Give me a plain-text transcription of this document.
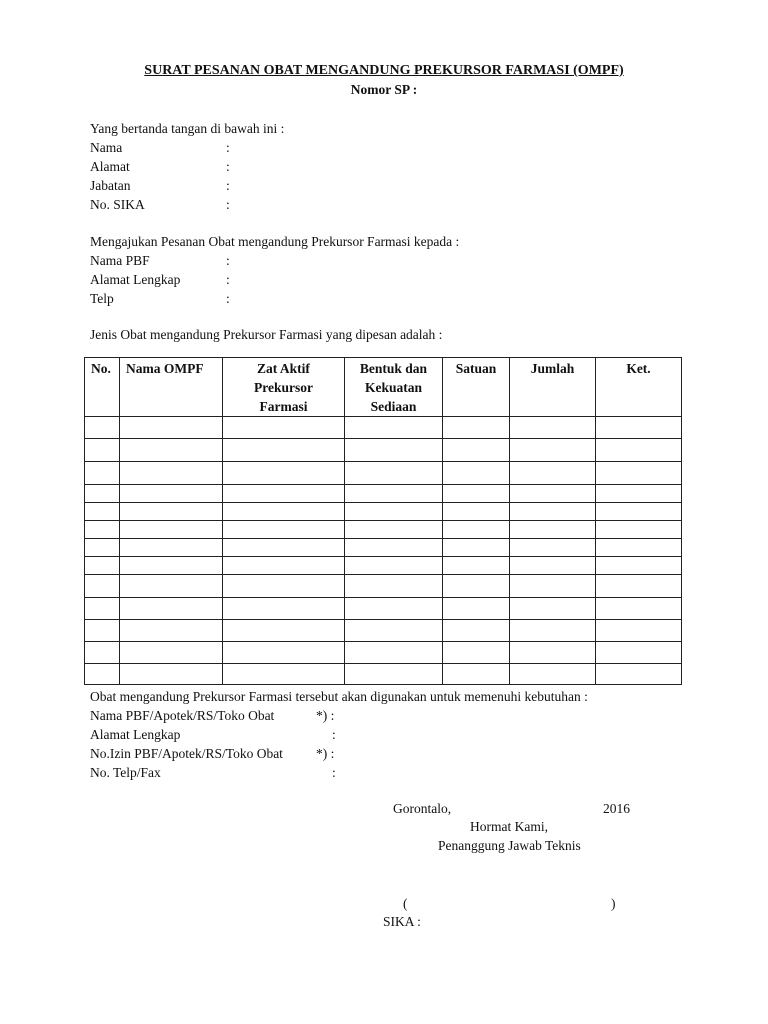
SURAT PESANAN OBAT MENGANDUNG PREKURSOR FARMASI (OMPF)
Nomor SP :
Yang bertanda tangan di bawah ini :
Nama	:
Alamat	:
Jabatan	:
No. SIKA	:
Mengajukan Pesanan Obat mengandung Prekursor Farmasi kepada :
Nama PBF	:
Alamat Lengkap	:
Telp	:
Jenis Obat mengandung Prekursor Farmasi yang dipesan adalah :
No.	Nama OMPF	Zat Aktif
Prekursor
Farmasi	Bentuk dan
Kekuatan
Sediaan	Satuan	Jumlah	Ket.

Obat mengandung Prekursor Farmasi tersebut akan digunakan untuk memenuhi kebutuhan :
Nama PBF/Apotek/RS/Toko Obat	*) :
Alamat Lengkap	:
No.Izin PBF/Apotek/RS/Toko Obat *) :
No. Telp/Fax	:
Gorontalo,	2016
Hormat Kami,
Penanggung Jawab Teknis
(	)
SIKA :
